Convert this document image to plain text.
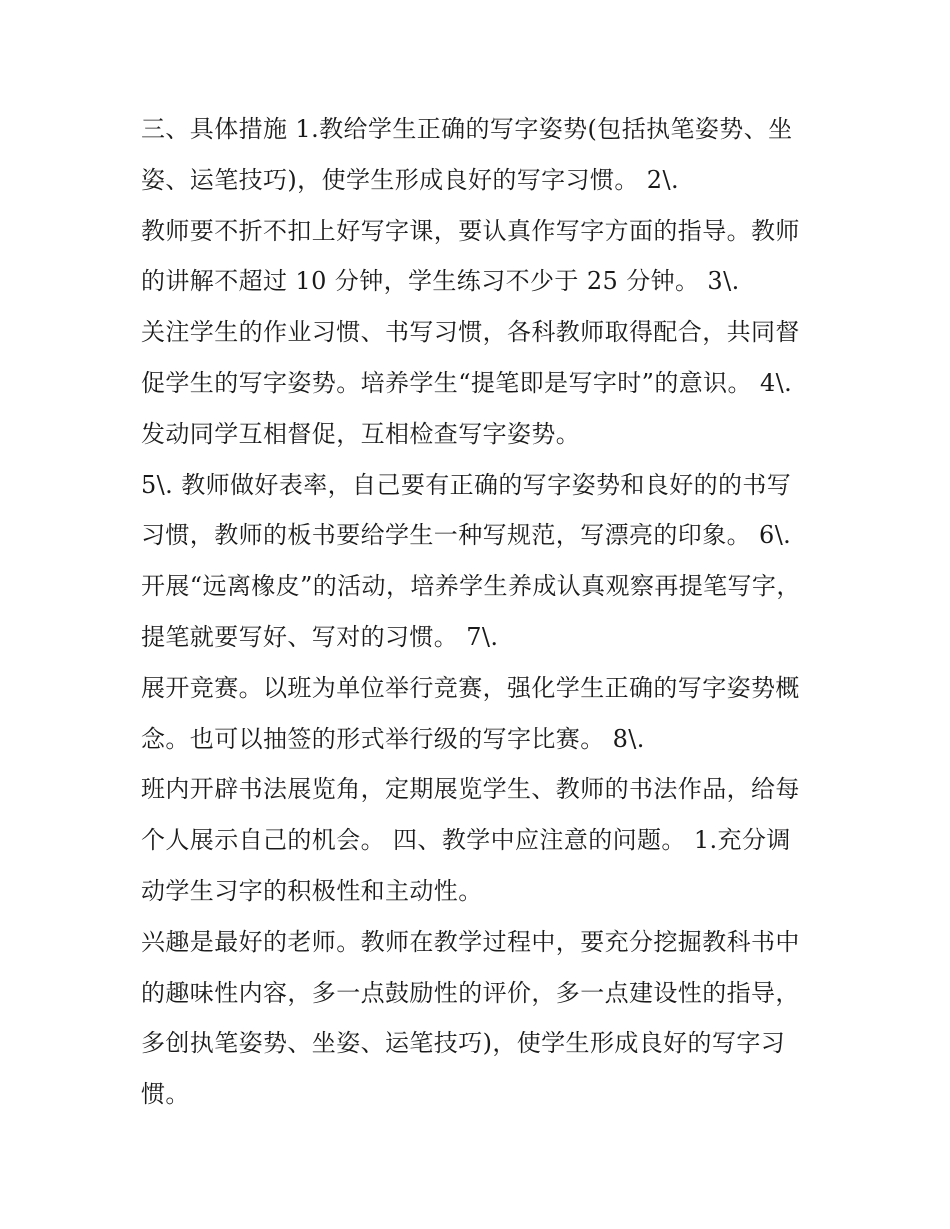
三、具体措施 1.教给学生正确的写字姿势(包括执笔姿势、坐
姿、运笔技巧)，使学生形成良好的写字习惯。 2\.
教师要不折不扣上好写字课，要认真作写字方面的指导。教师
的讲解不超过 10 分钟，学生练习不少于 25 分钟。 3\.
关注学生的作业习惯、书写习惯，各科教师取得配合，共同督
促学生的写字姿势。培养学生“提笔即是写字时”的意识。 4\.
发动同学互相督促，互相检查写字姿势。
5\. 教师做好表率，自己要有正确的写字姿势和良好的的书写
习惯，教师的板书要给学生一种写规范，写漂亮的印象。 6\.
开展“远离橡皮”的活动，培养学生养成认真观察再提笔写字，
提笔就要写好、写对的习惯。 7\.
展开竞赛。以班为单位举行竞赛，强化学生正确的写字姿势概
念。也可以抽签的形式举行级的写字比赛。 8\.
班内开辟书法展览角，定期展览学生、教师的书法作品，给每
个人展示自己的机会。 四、教学中应注意的问题。 1.充分调
动学生习字的积极性和主动性。
兴趣是最好的老师。教师在教学过程中，要充分挖掘教科书中
的趣味性内容，多一点鼓励性的评价，多一点建设性的指导，
多创执笔姿势、坐姿、运笔技巧)，使学生形成良好的写字习
惯。
